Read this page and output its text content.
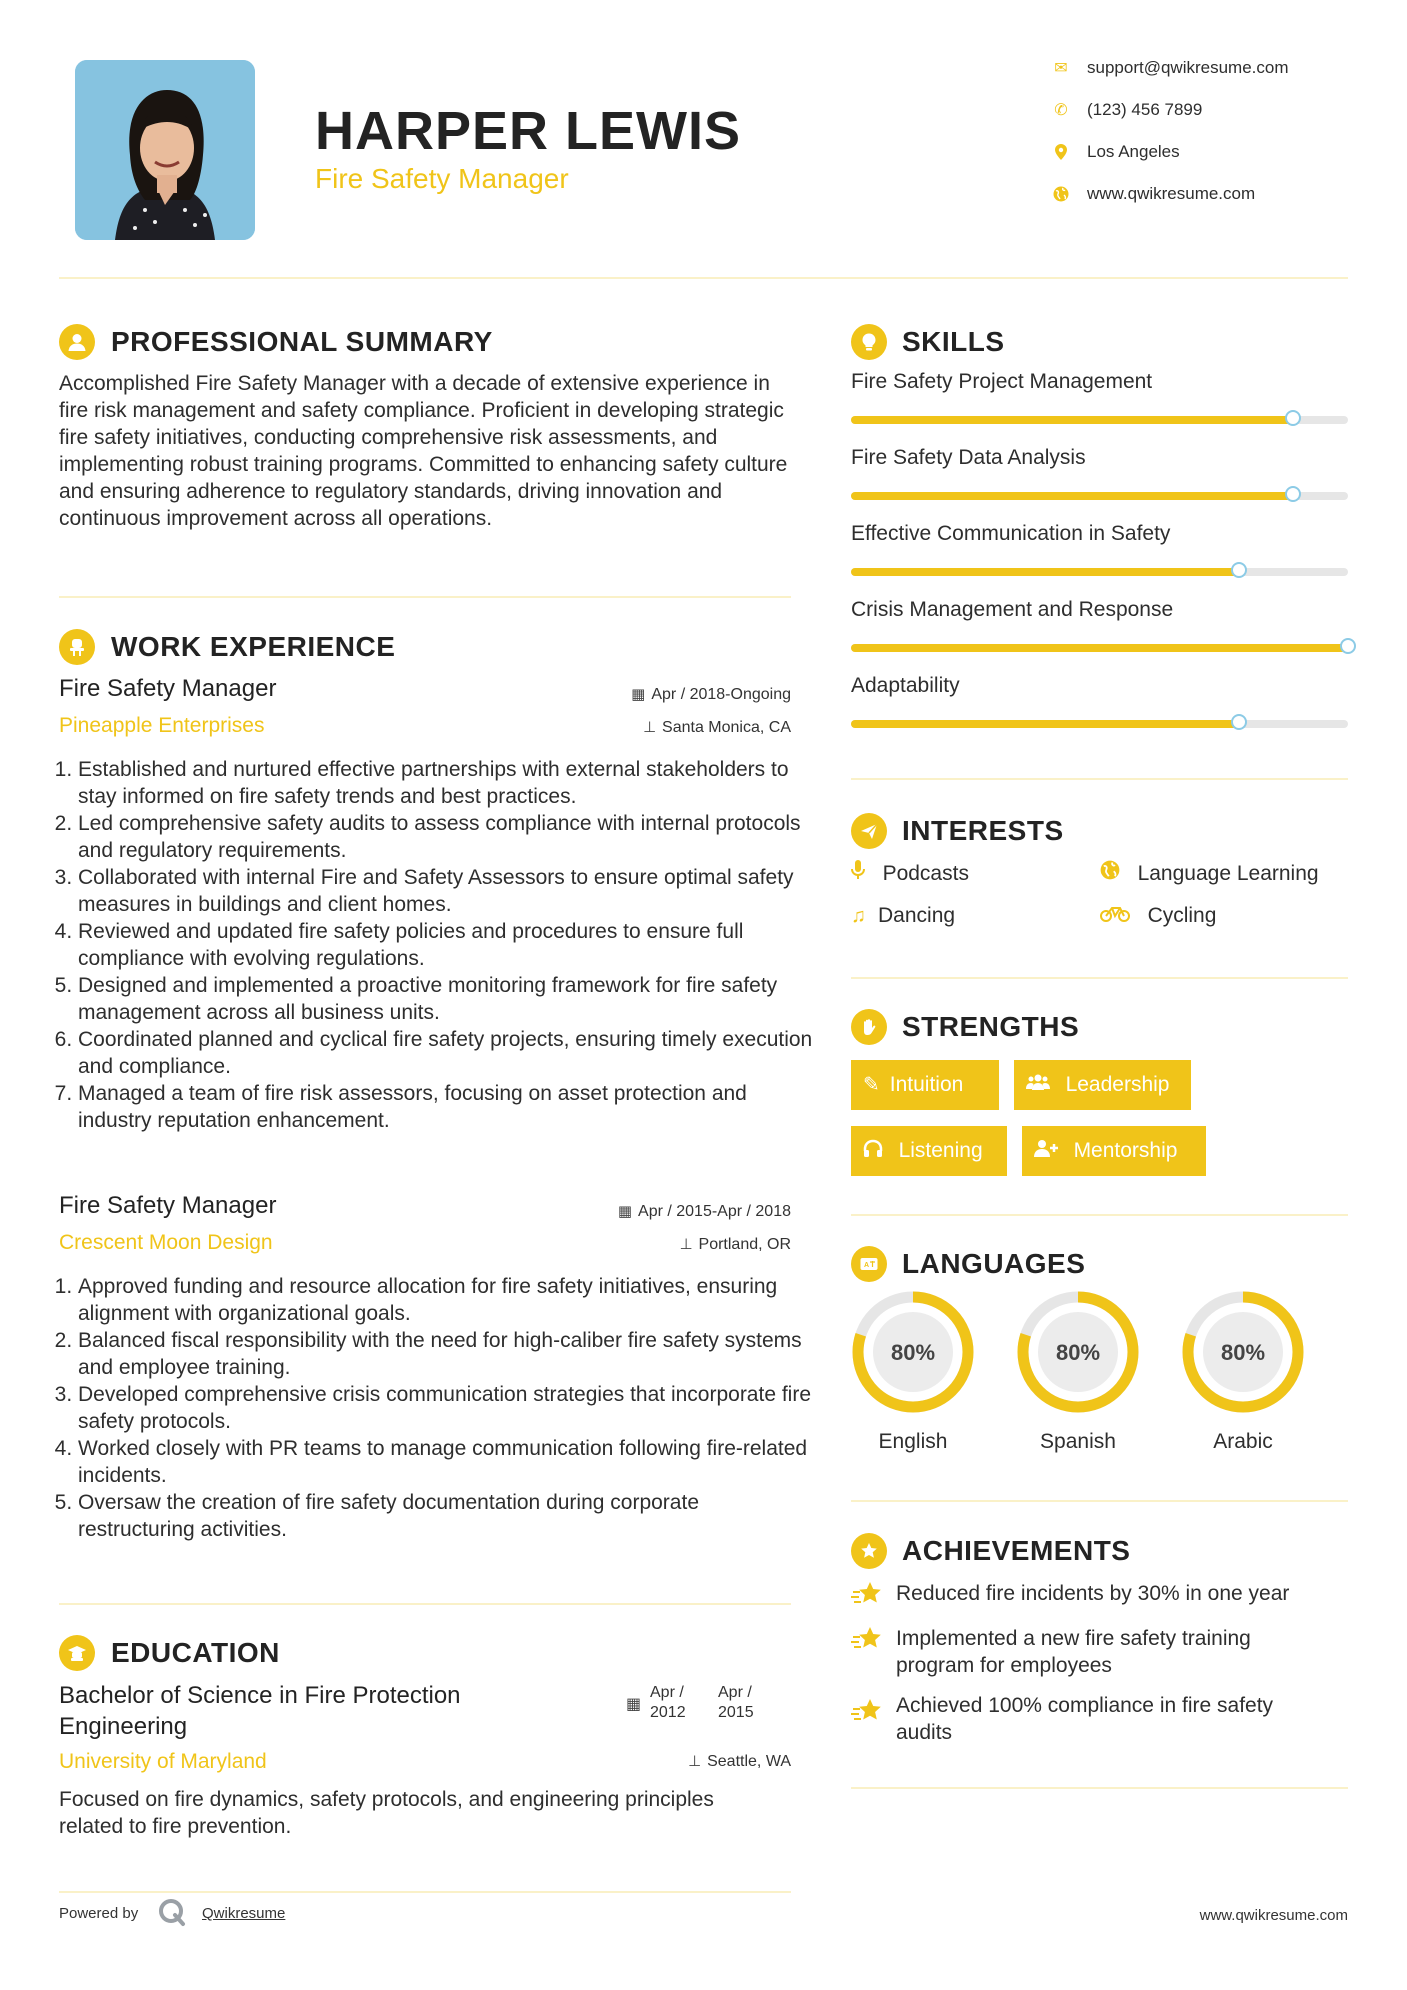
HARPER LEWIS
Fire Safety Manager
✉ support@qwikresume.com
✆ (123) 456 7899
Los Angeles
www.qwikresume.com
PROFESSIONAL SUMMARY
Accomplished Fire Safety Manager with a decade of extensive experience in fire risk management and safety compliance. Proficient in developing strategic fire safety initiatives, conducting comprehensive risk assessments, and implementing robust training programs. Committed to enhancing safety culture and ensuring adherence to regulatory standards, driving innovation and continuous improvement across all operations.
WORK EXPERIENCE
Fire Safety Manager	▦ Apr / 2018-Ongoing
Pineapple Enterprises	⊥ Santa Monica, CA
1. Established and nurtured effective partnerships with external stakeholders to stay informed on fire safety trends and best practices.
2. Led comprehensive safety audits to assess compliance with internal protocols and regulatory requirements.
3. Collaborated with internal Fire and Safety Assessors to ensure optimal safety measures in buildings and client homes.
4. Reviewed and updated fire safety policies and procedures to ensure full compliance with evolving regulations.
5. Designed and implemented a proactive monitoring framework for fire safety management across all business units.
6. Coordinated planned and cyclical fire safety projects, ensuring timely execution and compliance.
7. Managed a team of fire risk assessors, focusing on asset protection and industry reputation enhancement.
Fire Safety Manager	▦ Apr / 2015-Apr / 2018
Crescent Moon Design	⊥ Portland, OR
1. Approved funding and resource allocation for fire safety initiatives, ensuring alignment with organizational goals.
2. Balanced fiscal responsibility with the need for high-caliber fire safety systems and employee training.
3. Developed comprehensive crisis communication strategies that incorporate fire safety protocols.
4. Worked closely with PR teams to manage communication following fire-related incidents.
5. Oversaw the creation of fire safety documentation during corporate restructuring activities.
EDUCATION
Bachelor of Science in Fire Protection
Engineering
▦
Apr /
2012
Apr /
2015
University of Maryland	⊥ Seattle, WA
Focused on fire dynamics, safety protocols, and engineering principles related to fire prevention.
Powered by	Qwikresume	www.qwikresume.com
SKILLS
Fire Safety Project Management
Fire Safety Data Analysis
Effective Communication in Safety
Crisis Management and Response
Adaptability
INTERESTS
Podcasts	Language Learning
♫ Dancing	Cycling
STRENGTHS
✎ Intuition	Leadership
Listening	Mentorship
A LANGUAGES
80%
English
80%
Spanish
80%
Arabic
ACHIEVEMENTS
Reduced fire incidents by 30% in one year
Implemented a new fire safety training program for employees
Achieved 100% compliance in fire safety audits
